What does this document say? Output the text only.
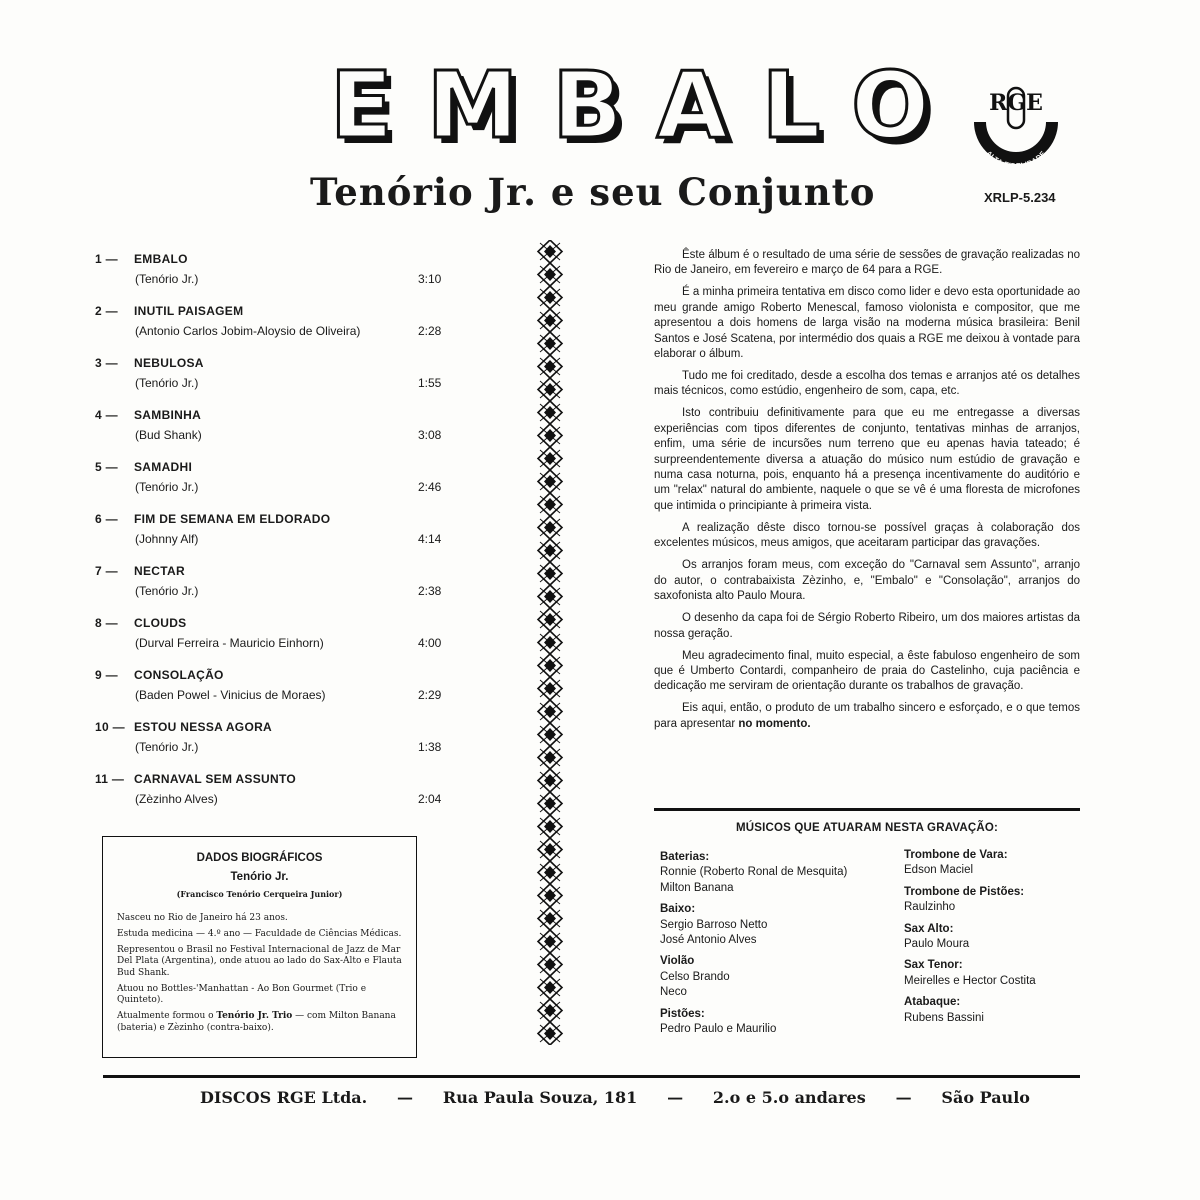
EMBALO
Tenório Jr. e seu Conjunto
RGE
ALTA FIDELIDADE
XRLP-5.234
1 — EMBALO
(Tenório Jr.)	3:10
2 — INUTIL PAISAGEM
(Antonio Carlos Jobim-Aloysio de Oliveira)	2:28
3 — NEBULOSA
(Tenório Jr.)	1:55
4 — SAMBINHA
(Bud Shank)	3:08
5 — SAMADHI
(Tenório Jr.)	2:46
6 — FIM DE SEMANA EM ELDORADO
(Johnny Alf)	4:14
7 — NECTAR
(Tenório Jr.)	2:38
8 — CLOUDS
(Durval Ferreira - Mauricio Einhorn)	4:00
9 — CONSOLAÇÃO
(Baden Powel - Vinicius de Moraes)	2:29
10 — ESTOU NESSA AGORA
(Tenório Jr.)	1:38
11 — CARNAVAL SEM ASSUNTO
(Zèzinho Alves)	2:04
DADOS BIOGRÁFICOS
Tenório Jr.
(Francisco Tenório Cerqueira Junior)
Nasceu no Rio de Janeiro há 23 anos.
Estuda medicina — 4.º ano — Faculdade de Ciências Médicas.
Representou o Brasil no Festival Internacional de Jazz de Mar Del Plata (Argentina), onde atuou ao lado do Sax-Alto e Flauta Bud Shank.
Atuou no Bottles-'Manhattan - Ao Bon Gourmet (Trio e Quinteto).
Atualmente formou o Tenório Jr. Trio — com Milton Banana (bateria) e Zèzinho (contra-baixo).

Êste álbum é o resultado de uma série de sessões de gravação realizadas no Rio de Janeiro, em fevereiro e março de 64 para a RGE.

É a minha primeira tentativa em disco como lider e devo esta oportunidade ao meu grande amigo Roberto Menescal, famoso violonista e compositor, que me apresentou a dois homens de larga visão na moderna música brasileira: Benil Santos e José Scatena, por intermédio dos quais a RGE me deixou à vontade para elaborar o álbum.

Tudo me foi creditado, desde a escolha dos temas e arranjos até os detalhes mais técnicos, como estúdio, engenheiro de som, capa, etc.

Isto contribuiu definitivamente para que eu me entregasse a diversas experiências com tipos diferentes de conjunto, tentativas minhas de arranjos, enfim, uma série de incursões num terreno que eu apenas havia tateado; é surpreendentemente diversa a atuação do músico num estúdio de gravação e numa casa noturna, pois, enquanto há a presença incentivamente do auditório e um "relax" natural do ambiente, naquele o que se vê é uma floresta de microfones que intimida o principiante à primeira vista.

A realização dêste disco tornou-se possível graças à colaboração dos excelentes músicos, meus amigos, que aceitaram participar das gravações.

Os arranjos foram meus, com exceção do "Carnaval sem Assunto", arranjo do autor, o contrabaixista Zèzinho, e, "Embalo" e "Consolação", arranjos do saxofonista alto Paulo Moura.

O desenho da capa foi de Sérgio Roberto Ribeiro, um dos maiores artistas da nossa geração.

Meu agradecimento final, muito especial, a êste fabuloso engenheiro de som que é Umberto Contardi, companheiro de praia do Castelinho, cuja paciência e dedicação me serviram de orientação durante os trabalhos de gravação.

Eis aqui, então, o produto de um trabalho sincero e esforçado, e o que temos para apresentar no momento.

MÚSICOS QUE ATUARAM NESTA GRAVAÇÃO:
Baterias:
Ronnie (Roberto Ronal de Mesquita)
Milton Banana
Baixo:
Sergio Barroso Netto
José Antonio Alves
Violão
Celso Brando
Neco
Pistões:
Pedro Paulo e Maurilio
Trombone de Vara:
Edson Maciel
Trombone de Pistões:
Raulzinho
Sax Alto:
Paulo Moura
Sax Tenor:
Meirelles e Hector Costita
Atabaque:
Rubens Bassini
DISCOS RGE Ltda. — Rua Paula Souza, 181 — 2.o e 5.o andares — São Paulo
